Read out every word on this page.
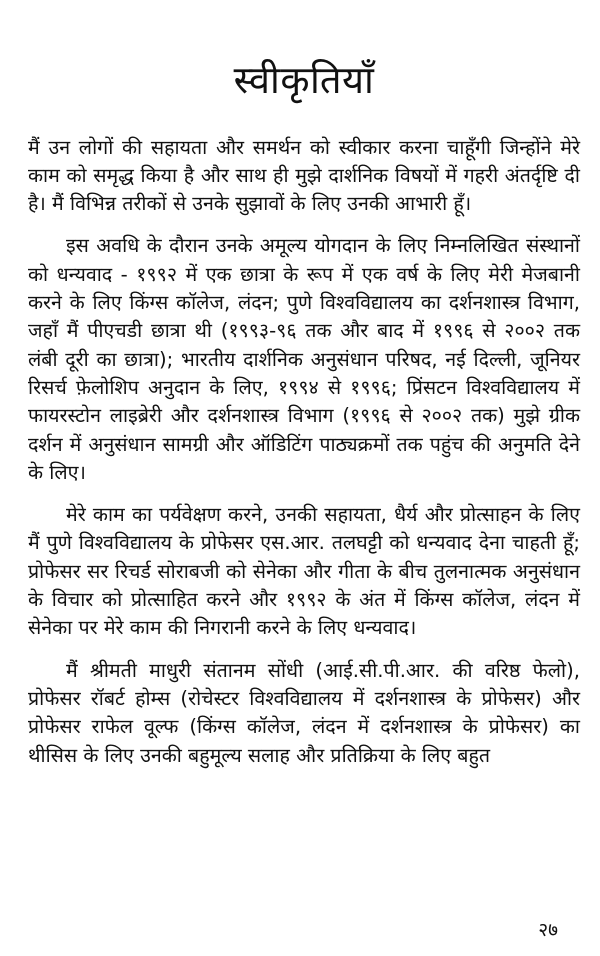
स्वीकृतियाँ

मैं उन लोगों की सहायता और समर्थन को स्वीकार करना चाहूँगी जिन्होंने मेरे काम को समृद्ध किया है और साथ ही मुझे दार्शनिक विषयों में गहरी अंतर्दृष्टि दी है। मैं विभिन्न तरीकों से उनके सुझावों के लिए उनकी आभारी हूँ।

इस अवधि के दौरान उनके अमूल्य योगदान के लिए निम्नलिखित संस्थानों को धन्यवाद - १९९२ में एक छात्रा के रूप में एक वर्ष के लिए मेरी मेजबानी करने के लिए किंग्स कॉलेज, लंदन; पुणे विश्वविद्यालय का दर्शनशास्त्र विभाग, जहाँ मैं पीएचडी छात्रा थी (१९९३-९६ तक और बाद में १९९६ से २००२ तक लंबी दूरी का छात्रा); भारतीय दार्शनिक अनुसंधान परिषद, नई दिल्ली, जूनियर रिसर्च फ़ेलोशिप अनुदान के लिए, १९९४ से १९९६; प्रिंसटन विश्वविद्यालय में फायरस्टोन लाइब्रेरी और दर्शनशास्त्र विभाग (१९९६ से २००२ तक) मुझे ग्रीक दर्शन में अनुसंधान सामग्री और ऑडिटिंग पाठ्यक्रमों तक पहुंच की अनुमति देने के लिए।

मेरे काम का पर्यवेक्षण करने, उनकी सहायता, धैर्य और प्रोत्साहन के लिए मैं पुणे विश्वविद्यालय के प्रोफेसर एस.आर. तलघट्टी को धन्यवाद देना चाहती हूँ; प्रोफेसर सर रिचर्ड सोराबजी को सेनेका और गीता के बीच तुलनात्मक अनुसंधान के विचार को प्रोत्साहित करने और १९९२ के अंत में किंग्स कॉलेज, लंदन में सेनेका पर मेरे काम की निगरानी करने के लिए धन्यवाद।

मैं श्रीमती माधुरी संतानम सोंधी (आई.सी.पी.आर. की वरिष्ठ फेलो), प्रोफेसर रॉबर्ट होम्स (रोचेस्टर विश्वविद्यालय में दर्शनशास्त्र के प्रोफेसर) और प्रोफेसर राफेल वूल्फ (किंग्स कॉलेज, लंदन में दर्शनशास्त्र के प्रोफेसर) का थीसिस के लिए उनकी बहुमूल्य सलाह और प्रतिक्रिया के लिए बहुत

२७
